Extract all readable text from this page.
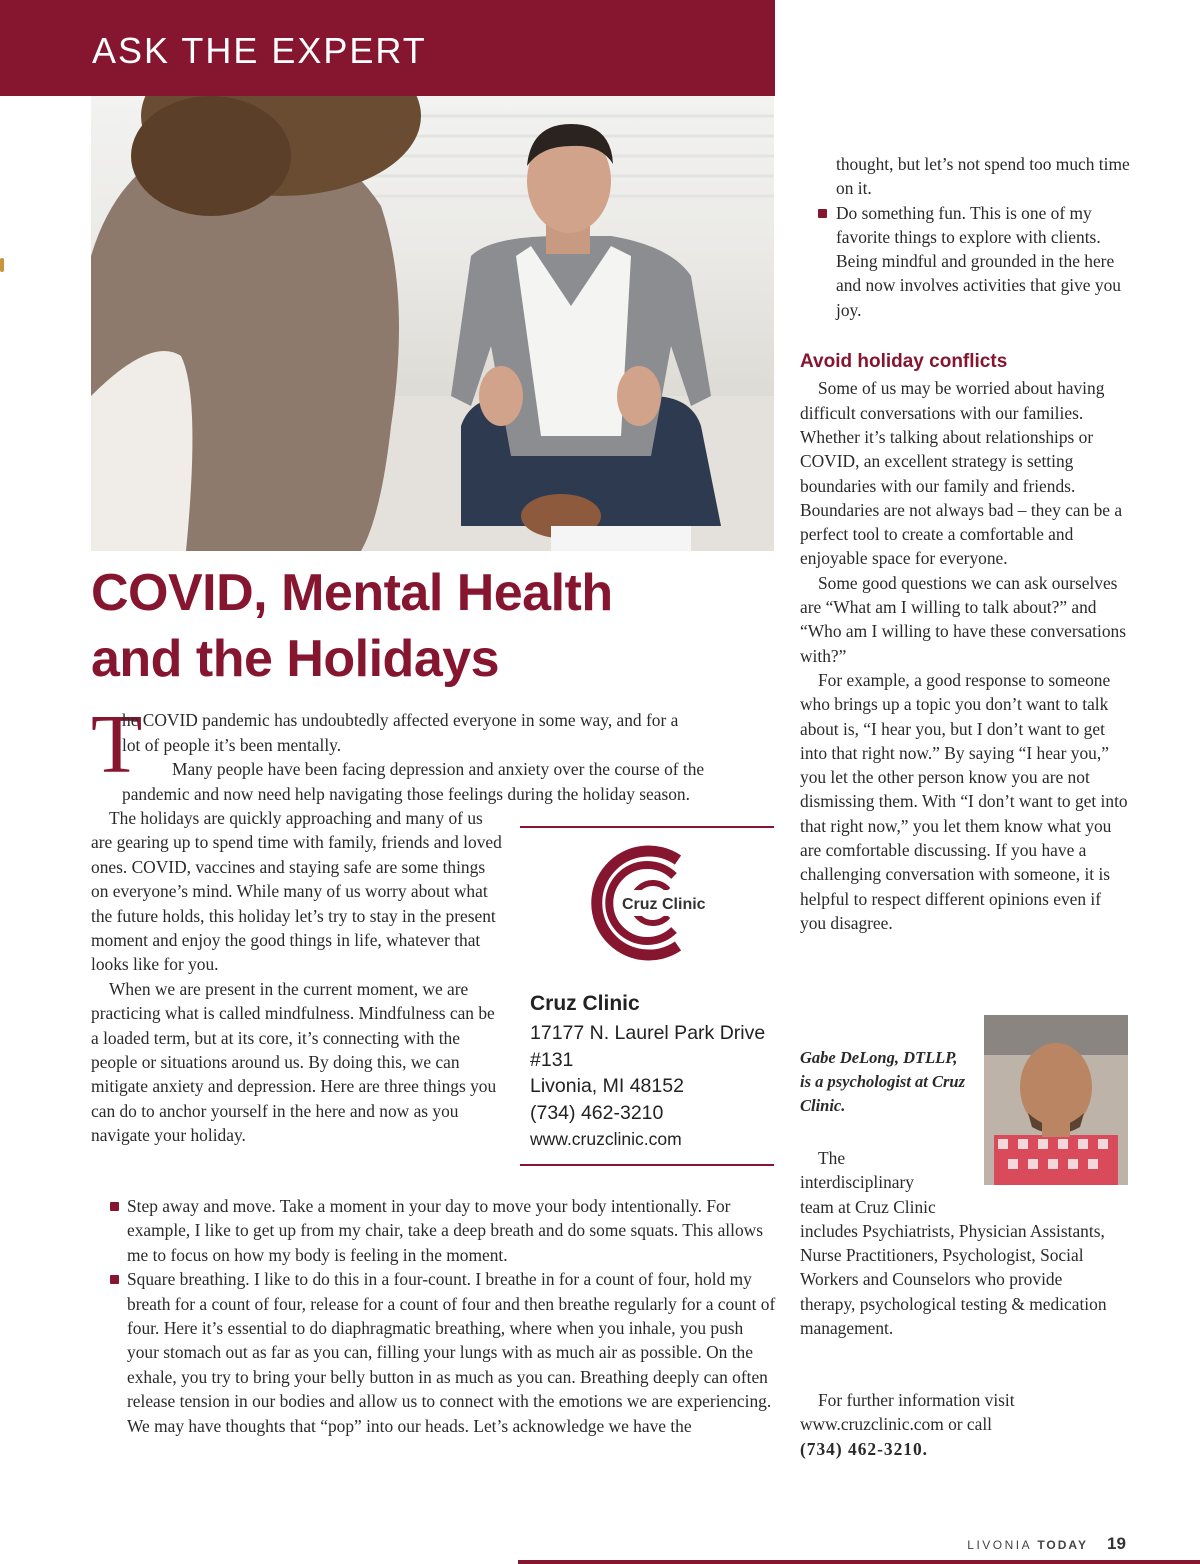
ASK THE EXPERT
COVID, Mental Health
and the Holidays
T

he COVID pandemic has undoubtedly affected everyone in some way, and for a

lot of people it’s been mentally.

Many people have been facing depression and anxiety over the course of the pandemic and now need help navigating those feelings during the holiday season.

The holidays are quickly approaching and many of us are gearing up to spend time with family, friends and loved ones. COVID, vaccines and staying safe are some things on everyone’s mind. While many of us worry about what the future holds, this holiday let’s try to stay in the present moment and enjoy the good things in life, whatever that looks like for you.

When we are present in the current moment, we are practicing what is called mindfulness. Mindfulness can be a loaded term, but at its core, it’s connecting with the people or situations around us. By doing this, we can mitigate anxiety and depression. Here are three things you can do to anchor yourself in the here and now as you navigate your holiday.

Cruz Clinic
Cruz Clinic
17177 N. Laurel Park Drive
#131
Livonia, MI 48152
(734) 462-3210
www.cruzclinic.com

Step away and move. Take a moment in your day to move your body intentionally. For example, I like to get up from my chair, take a deep breath and do some squats. This allows me to focus on how my body is feeling in the moment.

Square breathing. I like to do this in a four-count. I breathe in for a count of four, hold my breath for a count of four, release for a count of four and then breathe regularly for a count of four. Here it’s essential to do diaphragmatic breathing, where when you inhale, you push your stomach out as far as you can, filling your lungs with as much air as possible. On the exhale, you try to bring your belly button in as much as you can. Breathing deeply can often release tension in our bodies and allow us to connect with the emotions we are experiencing. We may have thoughts that “pop” into our heads. Let’s acknowledge we have the

thought, but let’s not spend too much time on it.

Do something fun. This is one of my favorite things to explore with clients. Being mindful and grounded in the here and now involves activities that give you joy.

Avoid holiday conflicts

Some of us may be worried about having difficult conversations with our families. Whether it’s talking about relationships or COVID, an excellent strategy is setting boundaries with our family and friends. Boundaries are not always bad – they can be a perfect tool to create a comfortable and enjoyable space for everyone.

Some good questions we can ask ourselves are “What am I willing to talk about?” and “Who am I willing to have these conversations with?”

For example, a good response to someone who brings up a topic you don’t want to talk about is, “I hear you, but I don’t want to get into that right now.” By saying “I hear you,” you let the other person know you are not dismissing them. With “I don’t want to get into that right now,” you let them know what you are comfortable discussing. If you have a challenging conversation with someone, it is helpful to respect different opinions even if you disagree.

Gabe DeLong, DTLLP,
is a psychologist at Cruz
Clinic.

The

interdisciplinary

team at Cruz Clinic

includes Psychiatrists, Physician Assistants, Nurse Practitioners, Psychologist, Social Workers and Counselors who provide therapy, psychological testing & medication management.

For further information visit www.cruzclinic.com or call

(734) 462-3210.

LIVONIA TODAY 19
